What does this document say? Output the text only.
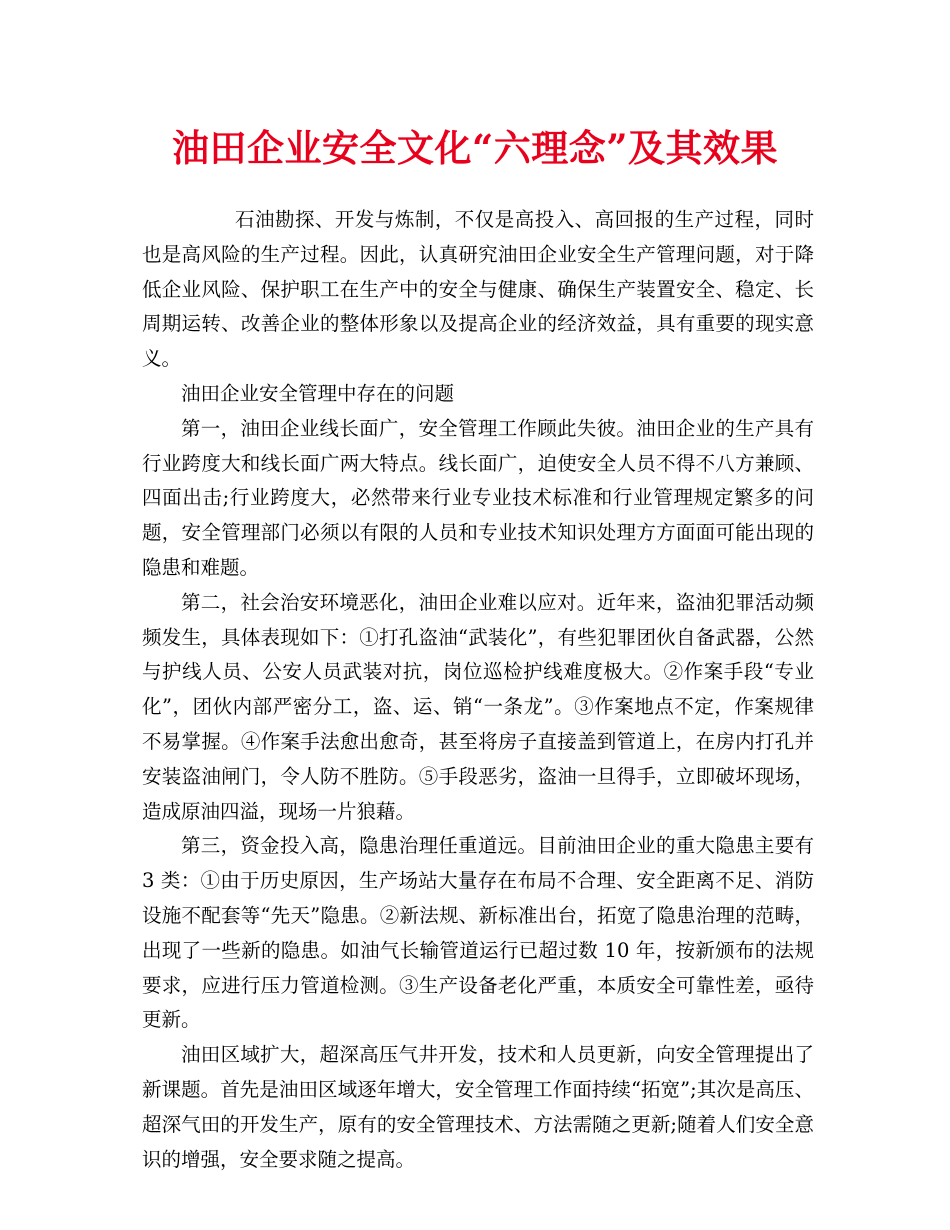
油田企业安全文化“六理念”及其效果

石油勘探、开发与炼制，不仅是高投入、高回报的生产过程，同时也是高风险的生产过程。因此，认真研究油田企业安全生产管理问题，对于降低企业风险、保护职工在生产中的安全与健康、确保生产装置安全、稳定、长周期运转、改善企业的整体形象以及提高企业的经济效益，具有重要的现实意义。

油田企业安全管理中存在的问题

第一，油田企业线长面广，安全管理工作顾此失彼。油田企业的生产具有行业跨度大和线长面广两大特点。线长面广，迫使安全人员不得不八方兼顾、四面出击;行业跨度大，必然带来行业专业技术标准和行业管理规定繁多的问题，安全管理部门必须以有限的人员和专业技术知识处理方方面面可能出现的隐患和难题。

第二，社会治安环境恶化，油田企业难以应对。近年来，盗油犯罪活动频频发生，具体表现如下：①打孔盗油“武装化”，有些犯罪团伙自备武器，公然与护线人员、公安人员武装对抗，岗位巡检护线难度极大。②作案手段“专业化”，团伙内部严密分工，盗、运、销“一条龙”。③作案地点不定，作案规律不易掌握。④作案手法愈出愈奇，甚至将房子直接盖到管道上，在房内打孔并安装盗油闸门，令人防不胜防。⑤手段恶劣，盗油一旦得手，立即破坏现场，造成原油四溢，现场一片狼藉。

第三，资金投入高，隐患治理任重道远。目前油田企业的重大隐患主要有 3 类：①由于历史原因，生产场站大量存在布局不合理、安全距离不足、消防设施不配套等“先天”隐患。②新法规、新标准出台，拓宽了隐患治理的范畴，出现了一些新的隐患。如油气长输管道运行已超过数 10 年，按新颁布的法规要求，应进行压力管道检测。③生产设备老化严重，本质安全可靠性差，亟待更新。

油田区域扩大，超深高压气井开发，技术和人员更新，向安全管理提出了新课题。首先是油田区域逐年增大，安全管理工作面持续“拓宽”;其次是高压、超深气田的开发生产，原有的安全管理技术、方法需随之更新;随着人们安全意识的增强，安全要求随之提高。
